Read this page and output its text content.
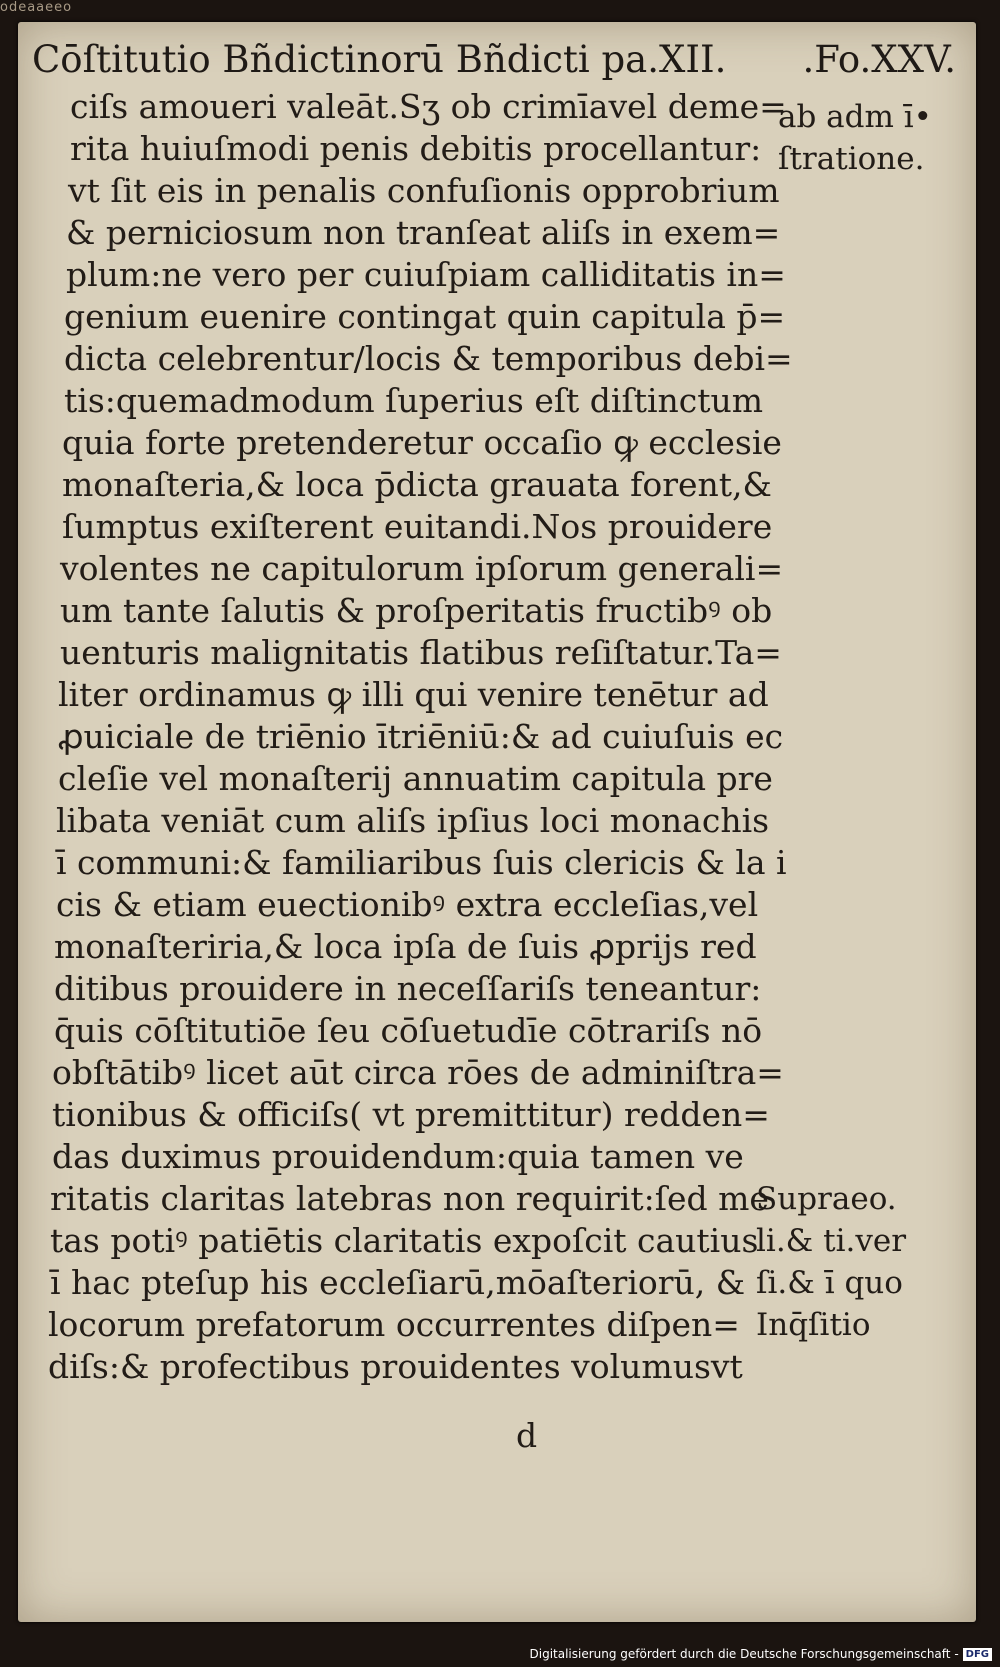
odeaaeeo
Cōſtitutio Bñdictinorū Bñdicti pa.XII. .Fo.XXV.
ciſs amoueri valeāt.Sʒ ob crimīavel deme=
rita huiuſmodi penis debitis procellantur:
vt ſit eis in penalis confuſionis opprobrium
& perniciosum non tranſeat aliſs in exem=
plum:ne vero per cuiuſpiam calliditatis in=
genium euenire contingat quin capitula p̄=
dicta celebrentur/locis & temporibus debi=
tis:quemadmodum ſuperius eſt diſtinctum
quia forte pretenderetur occaſio ꝙ ecclesie
monaſteria,& loca p̄dicta grauata forent,&
ſumptus exiſterent euitandi.Nos prouidere
volentes ne capitulorum ipſorum generali=
um tante ſalutis & proſperitatis fructibꝰ ob
uenturis malignitatis flatibus reſiſtatur.Ta=
liter ordinamus ꝙ illi qui venire tenētur ad
ꝓuiciale de triēnio ītriēniū:& ad cuiuſuis ec
cleſie vel monaſterij annuatim capitula pre
libata veniāt cum aliſs ipſius loci monachis
ī communi:& familiaribus ſuis clericis & la i
cis & etiam euectionibꝰ extra eccleſias,vel
monaſteriria,& loca ipſa de ſuis ꝓprijs red
ditibus prouidere in neceſſariſs teneantur:
q̄uis cōſtitutiōe ſeu cōſuetudīe cōtrariſs nō
obſtātibꝰ licet aūt circa rōes de adminiſtra=
tionibus & officiſs( vt premittitur) redden=
das duximus prouidendum:quia tamen ve
ritatis claritas latebras non requirit:ſed me
tas potiꝰ patiētis claritatis expoſcit cautius
ī hac pteſup his eccleſiarū,mōaſteriorū, &
locorum prefatorum occurrentes diſpen=
diſs:& profectibus prouidentes volumusvt
ab adm ī•
ſtratione.
Supraeo.
li.& ti.ver
ſi.& ī quo
Inq̄ſitio
d
Digitalisierung gefördert durch die Deutsche Forschungsgemeinschaft - DFG
